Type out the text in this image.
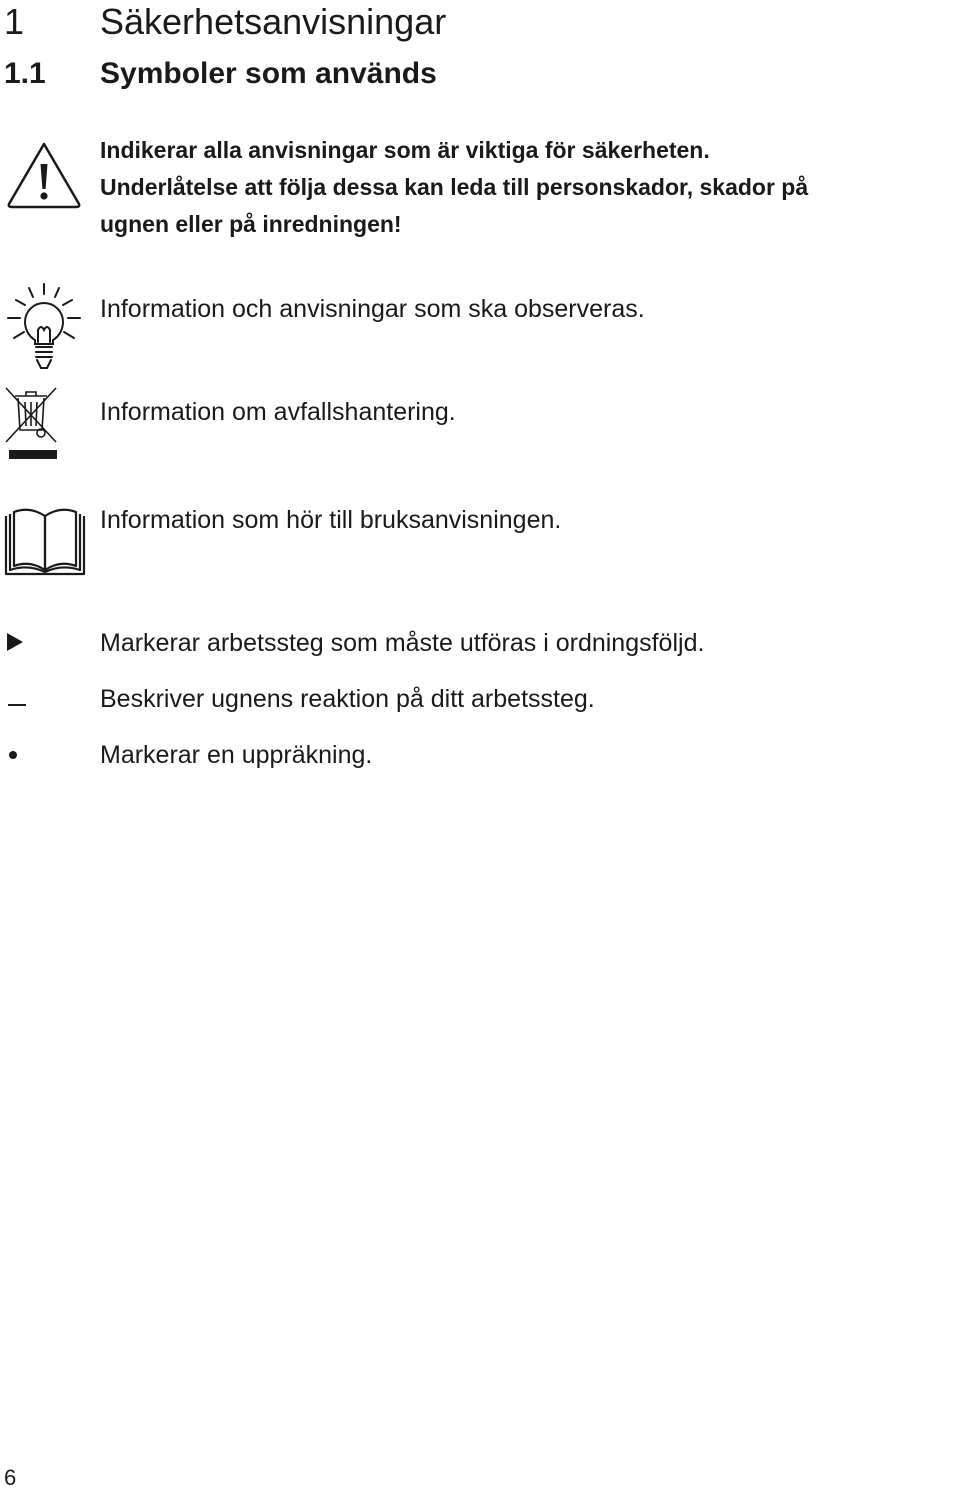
1 Säkerhetsanvisningar
1.1 Symboler som används
Indikerar alla anvisningar som är viktiga för säkerheten.
Underlåtelse att följa dessa kan leda till personskador, skador på
ugnen eller på inredningen!
Information och anvisningar som ska observeras.
Information om avfallshantering.
Information som hör till bruksanvisningen.
Markerar arbetssteg som måste utföras i ordningsföljd.
Beskriver ugnens reaktion på ditt arbetssteg.
Markerar en uppräkning.
6
